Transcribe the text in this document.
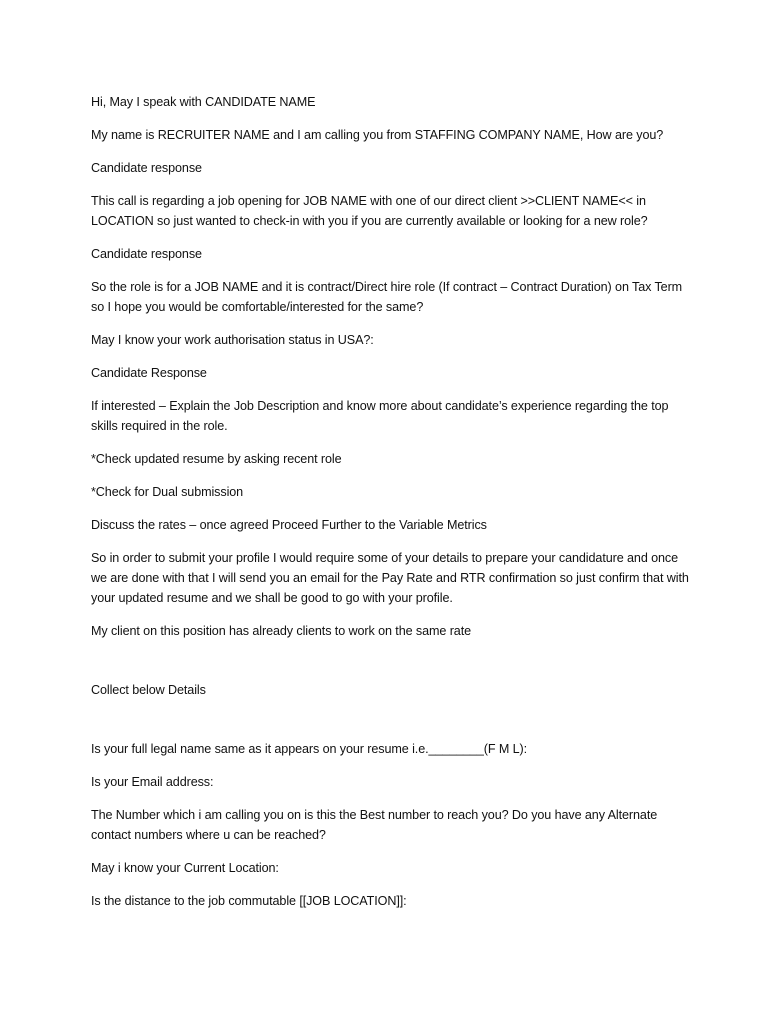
Hi, May I speak with CANDIDATE NAME

My name is RECRUITER NAME and I am calling you from STAFFING COMPANY NAME, How are you?

Candidate response

This call is regarding a job opening for JOB NAME with one of our direct client >>CLIENT NAME<< in LOCATION so just wanted to check-in with you if you are currently available or looking for a new role?

Candidate response

So the role is for a JOB NAME and it is contract/Direct hire role (If contract – Contract Duration) on Tax Term so I hope you would be comfortable/interested for the same?

May I know your work authorisation status in USA?:

Candidate Response

If interested – Explain the Job Description and know more about candidate’s experience regarding the top skills required in the role.

*Check updated resume by asking recent role

*Check for Dual submission

Discuss the rates – once agreed Proceed Further to the Variable Metrics

So in order to submit your profile I would require some of your details to prepare your candidature and once we are done with that I will send you an email for the Pay Rate and RTR confirmation so just confirm that with your updated resume and we shall be good to go with your profile.

My client on this position has already clients to work on the same rate

Collect below Details

Is your full legal name same as it appears on your resume i.e.________(F M L):

Is your Email address:

The Number which i am calling you on is this the Best number to reach you? Do you have any Alternate contact numbers where u can be reached?

May i know your Current Location:

Is the distance to the job commutable [[JOB LOCATION]]:
